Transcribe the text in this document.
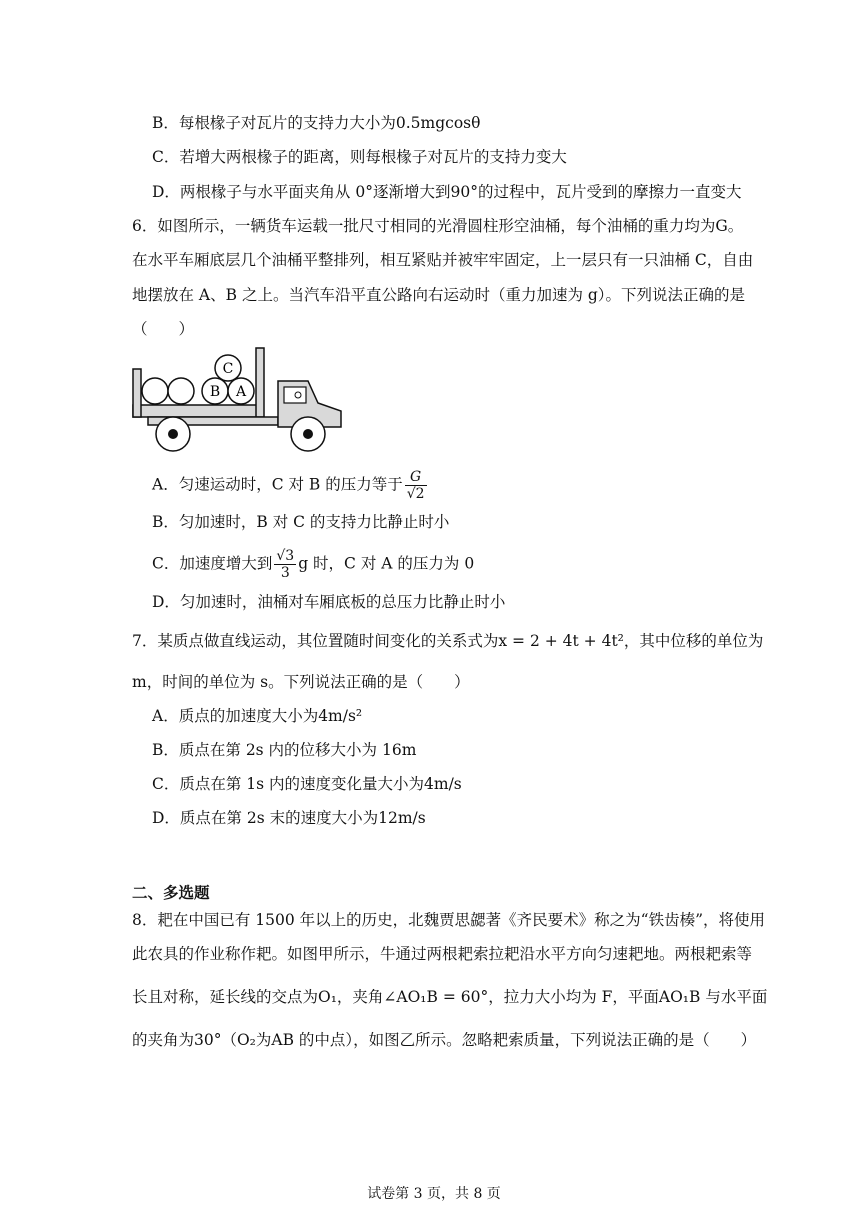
B．每根椽子对瓦片的支持力大小为0.5mgcosθ
C．若增大两根椽子的距离，则每根椽子对瓦片的支持力变大
D．两根椽子与水平面夹角从 0°逐渐增大到90°的过程中，瓦片受到的摩擦力一直变大
6．如图所示，一辆货车运载一批尺寸相同的光滑圆柱形空油桶，每个油桶的重力均为G。
在水平车厢底层几个油桶平整排列，相互紧贴并被牢牢固定，上一层只有一只油桶 C，自由
地摆放在 A、B 之上。当汽车沿平直公路向右运动时（重力加速为 g）。下列说法正确的是
（　　）
C
B A
A．匀速运动时，C 对 B 的压力等于 $\frac{G}{√2}$
B．匀加速时，B 对 C 的支持力比静止时小
C．加速度增大到 $\frac{√3}{3}$ g 时，C 对 A 的压力为 0
D．匀加速时，油桶对车厢底板的总压力比静止时小
7．某质点做直线运动，其位置随时间变化的关系式为x = 2 + 4t + 4t²，其中位移的单位为
m，时间的单位为 s。下列说法正确的是（　　）
A．质点的加速度大小为4m/s²
B．质点在第 2s 内的位移大小为 16m
C．质点在第 1s 内的速度变化量大小为4m/s
D．质点在第 2s 末的速度大小为12m/s
二、多选题
8．耙在中国已有 1500 年以上的历史，北魏贾思勰著《齐民要术》称之为“铁齿楱”，将使用
此农具的作业称作耙。如图甲所示，牛通过两根耙索拉耙沿水平方向匀速耙地。两根耙索等
长且对称，延长线的交点为O₁，夹角∠AO₁B = 60°，拉力大小均为 F，平面AO₁B 与水平面
的夹角为30°（O₂为AB 的中点），如图乙所示。忽略耙索质量，下列说法正确的是（　　）
试卷第 3 页，共 8 页
